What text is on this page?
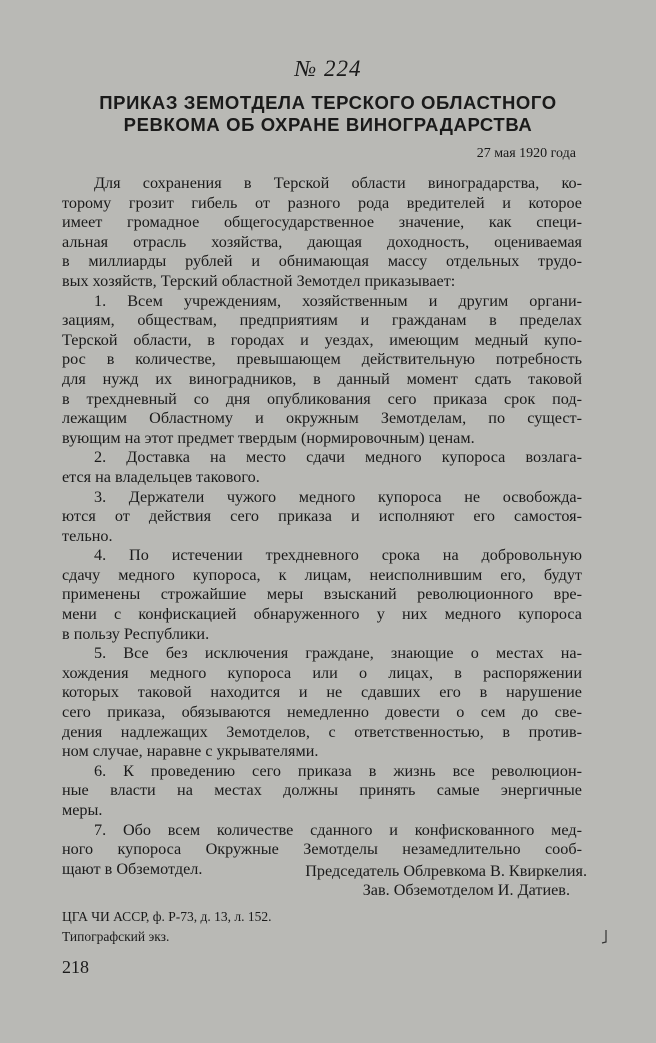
№ 224
ПРИКАЗ ЗЕМОТДЕЛА ТЕРСКОГО ОБЛАСТНОГО
РЕВКОМА ОБ ОХРАНЕ ВИНОГРАДАРСТВА
27 мая 1920 года
Для сохранения в Терской области виноградарства, ко-
торому грозит гибель от разного рода вредителей и которое
имеет громадное общегосударственное значение, как специ-
альная отрасль хозяйства, дающая доходность, оцениваемая
в миллиарды рублей и обнимающая массу отдельных трудо-
вых хозяйств, Терский областной Земотдел приказывает:
1. Всем учреждениям, хозяйственным и другим органи-
зациям, обществам, предприятиям и гражданам в пределах
Терской области, в городах и уездах, имеющим медный купо-
рос в количестве, превышающем действительную потребность
для нужд их виноградников, в данный момент сдать таковой
в трехдневный со дня опубликования сего приказа срок под-
лежащим Областному и окружным Земотделам, по сущест-
вующим на этот предмет твердым (нормировочным) ценам.
2. Доставка на место сдачи медного купороса возлага-
ется на владельцев такового.
3. Держатели чужого медного купороса не освобожда-
ются от действия сего приказа и исполняют его самостоя-
тельно.
4. По истечении трехдневного срока на добровольную
сдачу медного купороса, к лицам, неисполнившим его, будут
применены строжайшие меры взысканий революционного вре-
мени с конфискацией обнаруженного у них медного купороса
в пользу Республики.
5. Все без исключения граждане, знающие о местах на-
хождения медного купороса или о лицах, в распоряжении
которых таковой находится и не сдавших его в нарушение
сего приказа, обязываются немедленно довести о сем до све-
дения надлежащих Земотделов, с ответственностью, в против-
ном случае, наравне с укрывателями.
6. К проведению сего приказа в жизнь все революцион-
ные власти на местах должны принять самые энергичные
меры.
7. Обо всем количестве сданного и конфискованного мед-
ного купороса Окружные Земотделы незамедлительно сооб-
щают в Обземотдел.	Председатель Облревкома В. Квиркелия.
Зав. Обземотделом И. Датиев.
ЦГА ЧИ АССР, ф. Р-73, д. 13, л. 152.
Типографский экз.
218
